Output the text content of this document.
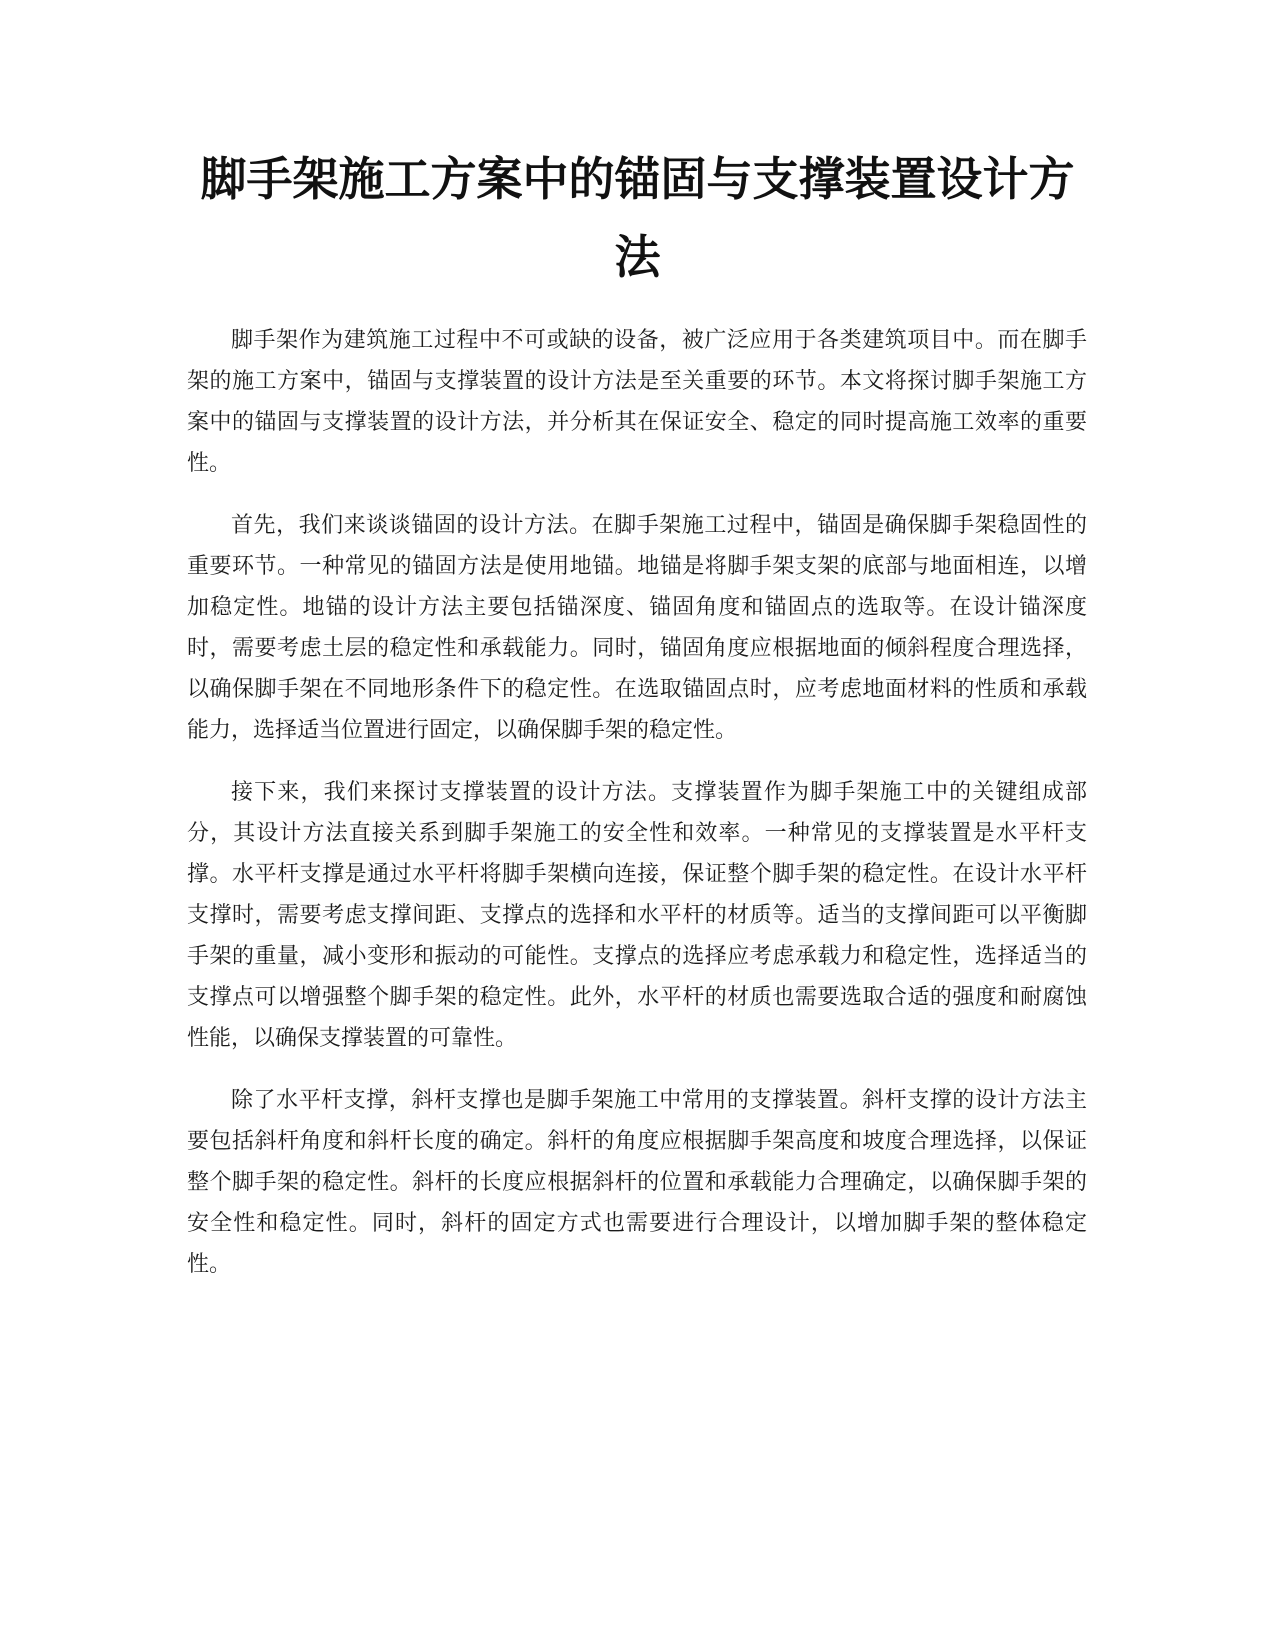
脚手架施工方案中的锚固与支撑装置设计方法

脚手架作为建筑施工过程中不可或缺的设备，被广泛应用于各类建筑项目中。而在脚手架的施工方案中，锚固与支撑装置的设计方法是至关重要的环节。本文将探讨脚手架施工方案中的锚固与支撑装置的设计方法，并分析其在保证安全、稳定的同时提高施工效率的重要性。

首先，我们来谈谈锚固的设计方法。在脚手架施工过程中，锚固是确保脚手架稳固性的重要环节。一种常见的锚固方法是使用地锚。地锚是将脚手架支架的底部与地面相连，以增加稳定性。地锚的设计方法主要包括锚深度、锚固角度和锚固点的选取等。在设计锚深度时，需要考虑土层的稳定性和承载能力。同时，锚固角度应根据地面的倾斜程度合理选择，以确保脚手架在不同地形条件下的稳定性。在选取锚固点时，应考虑地面材料的性质和承载能力，选择适当位置进行固定，以确保脚手架的稳定性。

接下来，我们来探讨支撑装置的设计方法。支撑装置作为脚手架施工中的关键组成部分，其设计方法直接关系到脚手架施工的安全性和效率。一种常见的支撑装置是水平杆支撑。水平杆支撑是通过水平杆将脚手架横向连接，保证整个脚手架的稳定性。在设计水平杆支撑时，需要考虑支撑间距、支撑点的选择和水平杆的材质等。适当的支撑间距可以平衡脚手架的重量，减小变形和振动的可能性。支撑点的选择应考虑承载力和稳定性，选择适当的支撑点可以增强整个脚手架的稳定性。此外，水平杆的材质也需要选取合适的强度和耐腐蚀性能，以确保支撑装置的可靠性。

除了水平杆支撑，斜杆支撑也是脚手架施工中常用的支撑装置。斜杆支撑的设计方法主要包括斜杆角度和斜杆长度的确定。斜杆的角度应根据脚手架高度和坡度合理选择，以保证整个脚手架的稳定性。斜杆的长度应根据斜杆的位置和承载能力合理确定，以确保脚手架的安全性和稳定性。同时，斜杆的固定方式也需要进行合理设计，以增加脚手架的整体稳定性。
